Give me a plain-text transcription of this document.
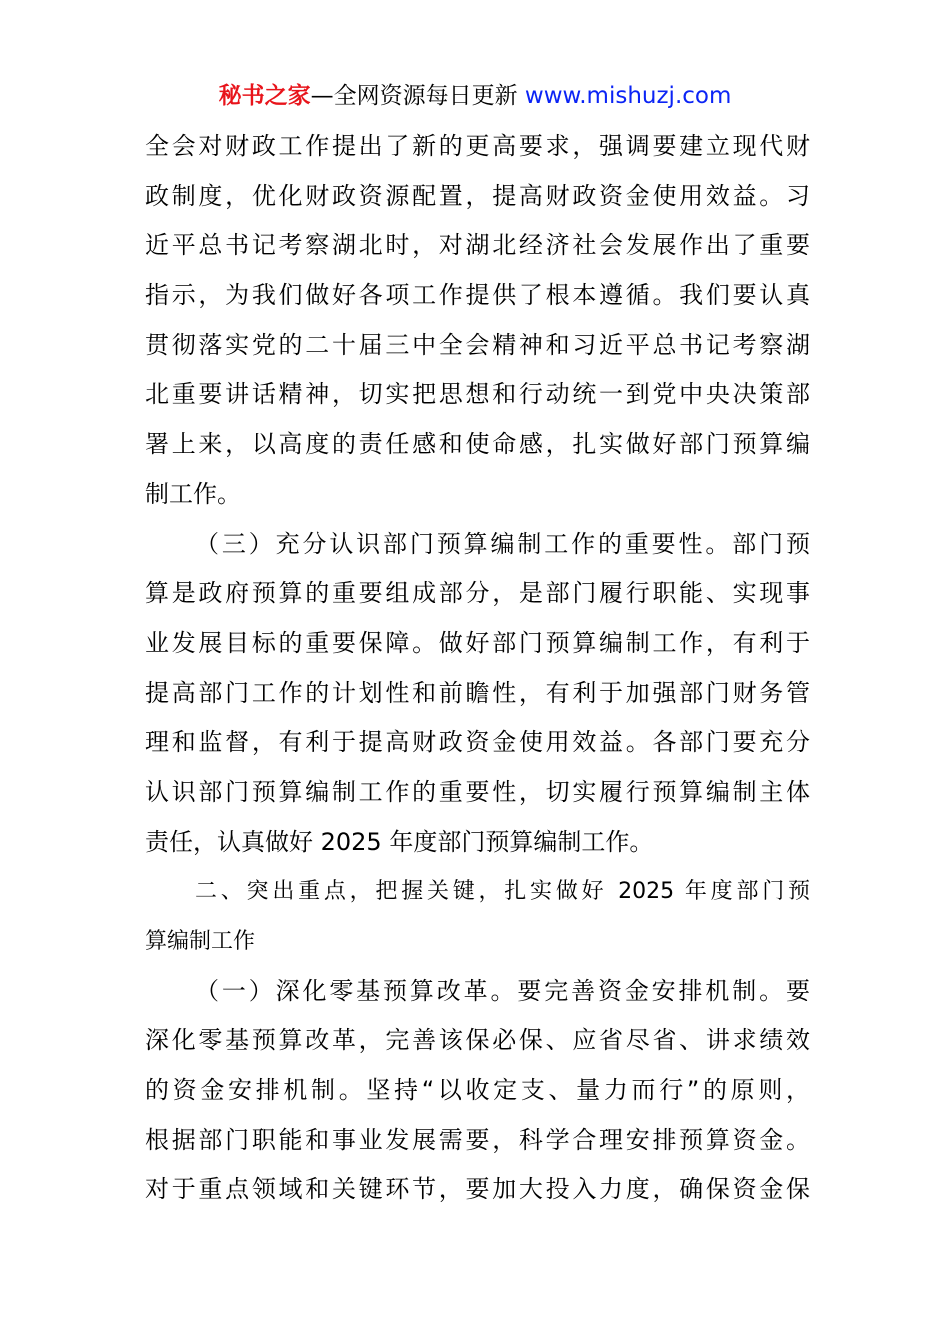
秘书之家—全网资源每日更新 www.mishuzj.com
全会对财政工作提出了新的更高要求，强调要建立现代财
政制度，优化财政资源配置，提高财政资金使用效益。习
近平总书记考察湖北时，对湖北经济社会发展作出了重要
指示，为我们做好各项工作提供了根本遵循。我们要认真
贯彻落实党的二十届三中全会精神和习近平总书记考察湖
北重要讲话精神，切实把思想和行动统一到党中央决策部
署上来，以高度的责任感和使命感，扎实做好部门预算编
制工作。
（三）充分认识部门预算编制工作的重要性。部门预
算是政府预算的重要组成部分，是部门履行职能、实现事
业发展目标的重要保障。做好部门预算编制工作，有利于
提高部门工作的计划性和前瞻性，有利于加强部门财务管
理和监督，有利于提高财政资金使用效益。各部门要充分
认识部门预算编制工作的重要性，切实履行预算编制主体
责任，认真做好 2025 年度部门预算编制工作。
二、突出重点，把握关键，扎实做好 2025 年度部门预
算编制工作
（一）深化零基预算改革。要完善资金安排机制。要
深化零基预算改革，完善该保必保、应省尽省、讲求绩效
的资金安排机制。坚持“以收定支、量力而行”的原则，
根据部门职能和事业发展需要，科学合理安排预算资金。
对于重点领域和关键环节，要加大投入力度，确保资金保
